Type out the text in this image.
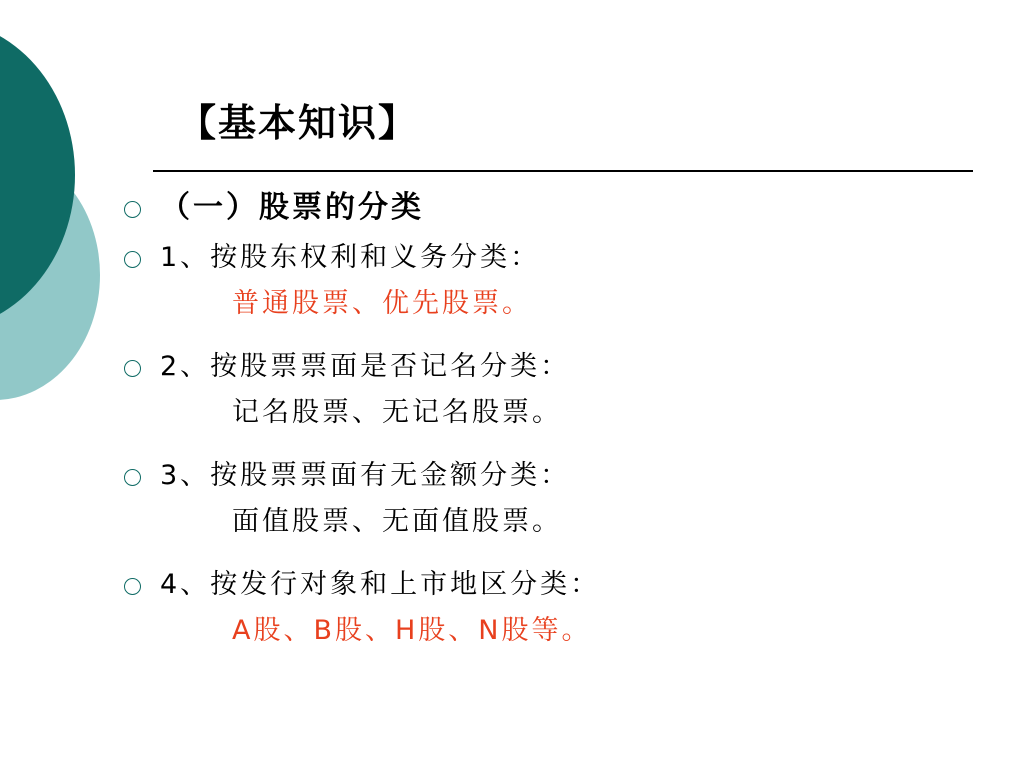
【基本知识】
（一）股票的分类
1、按股东权利和义务分类：
普通股票、优先股票。
2、按股票票面是否记名分类：
记名股票、无记名股票。
3、按股票票面有无金额分类：
面值股票、无面值股票。
4、按发行对象和上市地区分类：
A股、B股、H股、N股等。
